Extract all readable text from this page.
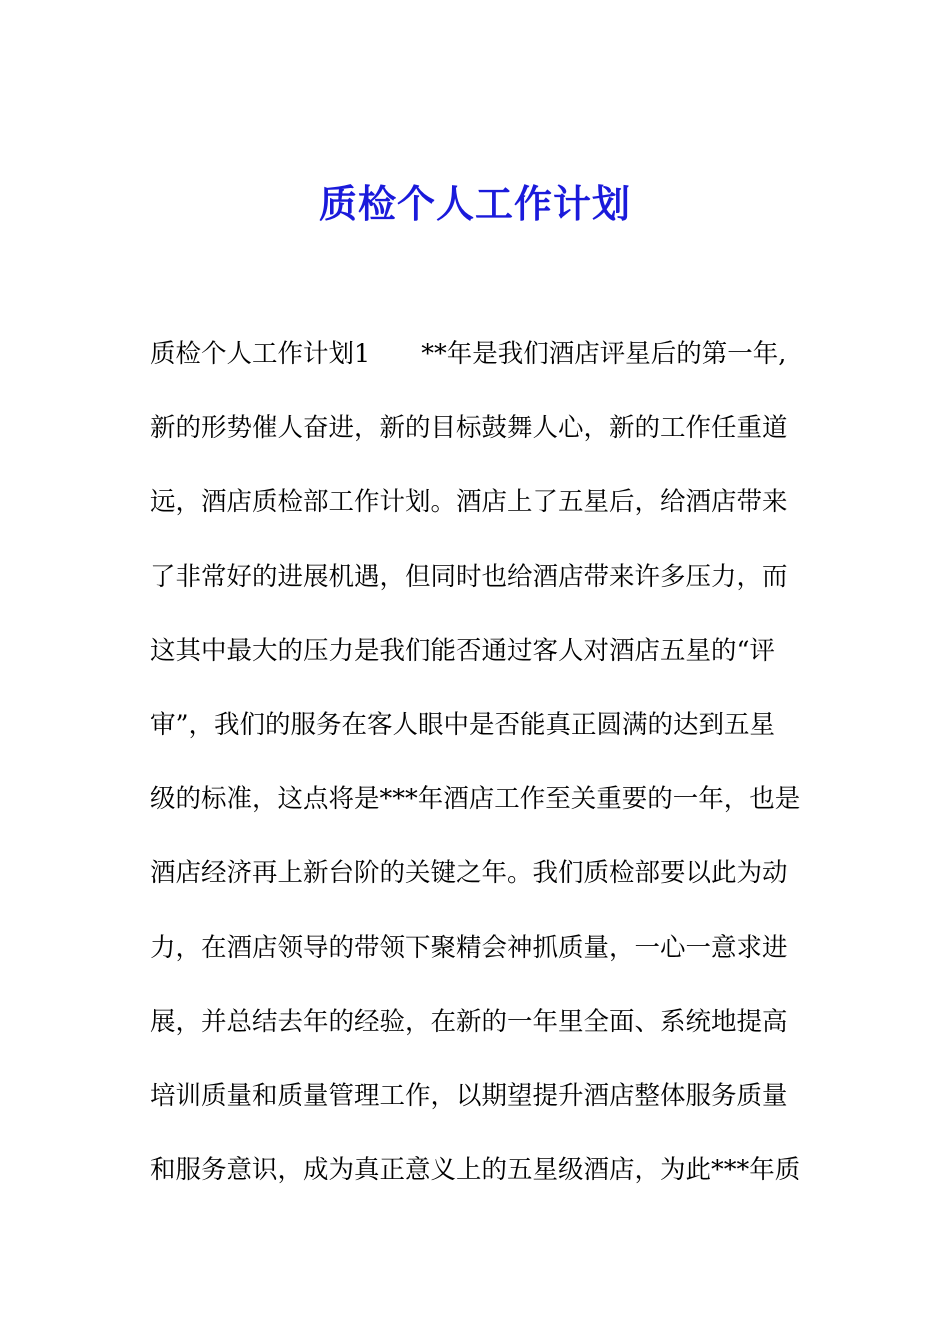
质检个人工作计划
质检个人工作计划1　　**年是我们酒店评星后的第一年,
新的形势催人奋进，新的目标鼓舞人心，新的工作任重道
远，酒店质检部工作计划。酒店上了五星后，给酒店带来
了非常好的进展机遇，但同时也给酒店带来许多压力，而
这其中最大的压力是我们能否通过客人对酒店五星的“评
审”，我们的服务在客人眼中是否能真正圆满的达到五星
级的标准，这点将是***年酒店工作至关重要的一年，也是
酒店经济再上新台阶的关键之年。我们质检部要以此为动
力，在酒店领导的带领下聚精会神抓质量，一心一意求进
展，并总结去年的经验，在新的一年里全面、系统地提高
培训质量和质量管理工作，以期望提升酒店整体服务质量
和服务意识，成为真正意义上的五星级酒店，为此***年质
